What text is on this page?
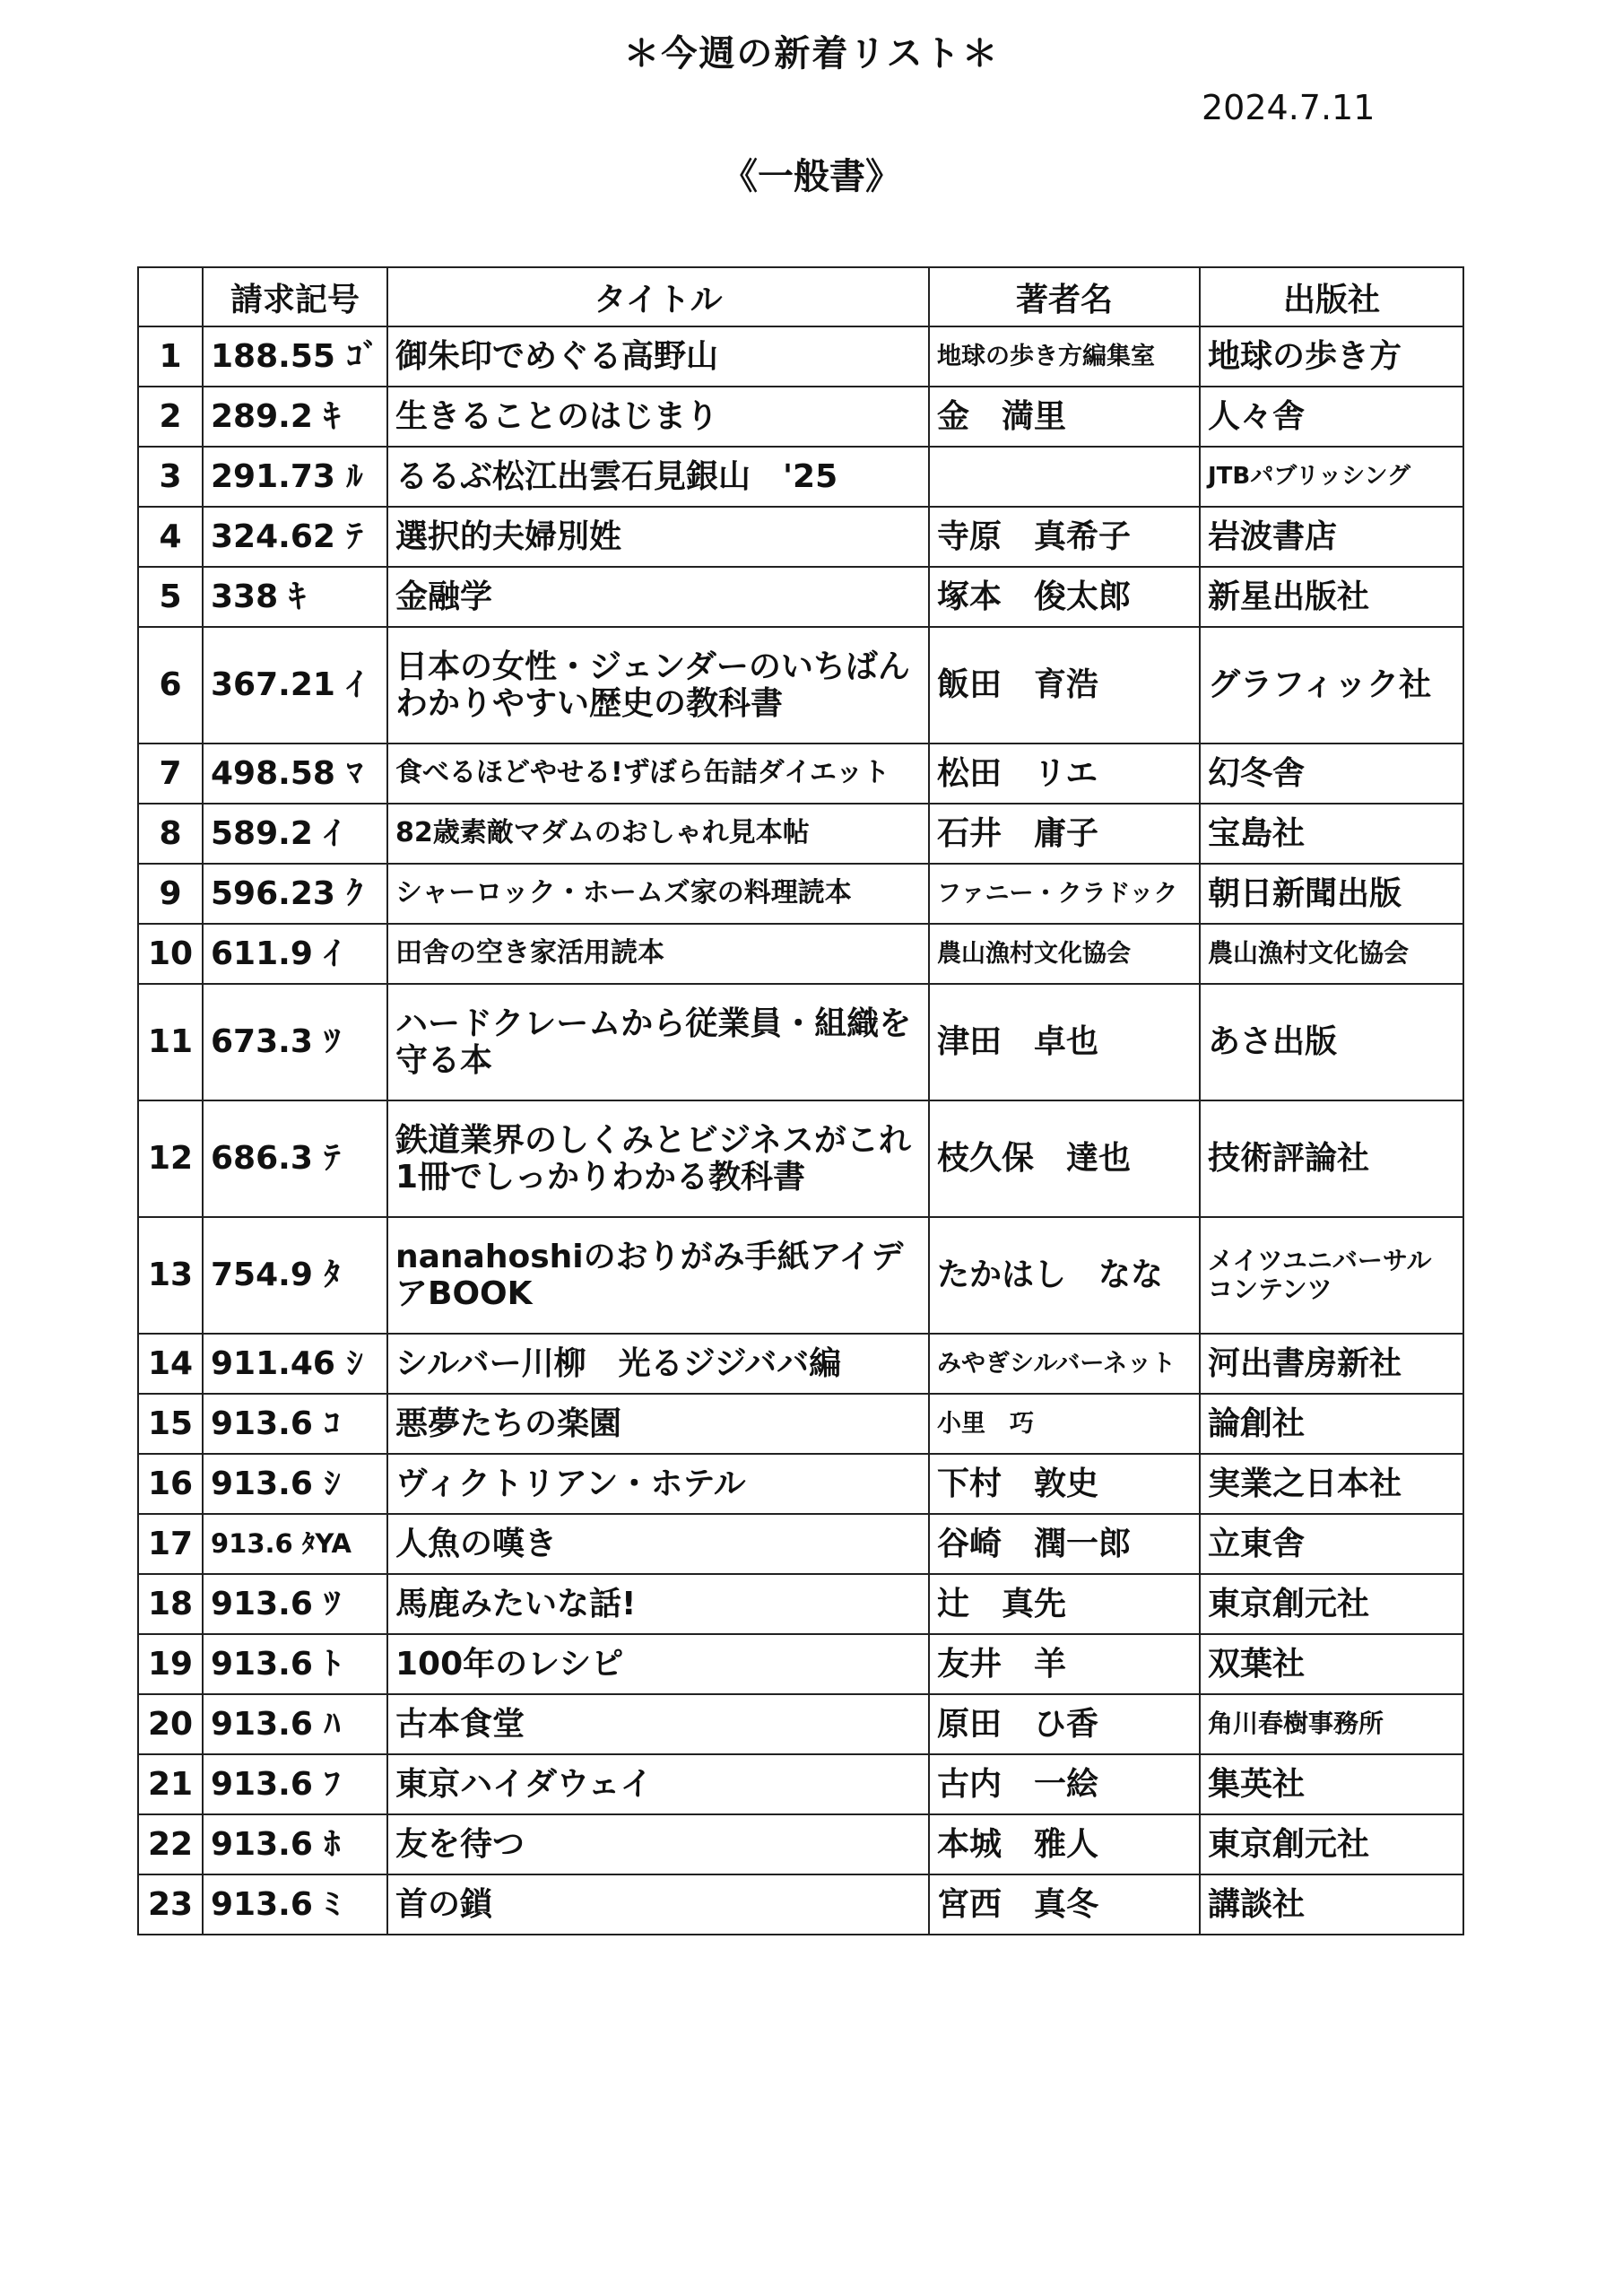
＊今週の新着リスト＊
2024.7.11
《一般書》
	請求記号	タイトル	著者名	出版社
1	188.55 ｺﾞ	御朱印でめぐる高野山	地球の歩き方編集室	地球の歩き方
2	289.2 ｷ	生きることのはじまり	金　満里	人々舎
3	291.73 ﾙ	るるぶ松江出雲石見銀山　'25		JTBパブリッシング
4	324.62 ﾃ	選択的夫婦別姓	寺原　真希子	岩波書店
5	338 ｷ	金融学	塚本　俊太郎	新星出版社
6	367.21 ｲ	日本の女性・ジェンダーのいちばんわかりやすい歴史の教科書	飯田　育浩	グラフィック社
7	498.58 ﾏ	食べるほどやせる!ずぼら缶詰ダイエット	松田　リエ	幻冬舎
8	589.2 ｲ	82歳素敵マダムのおしゃれ見本帖	石井　庸子	宝島社
9	596.23 ｸ	シャーロック・ホームズ家の料理読本	ファニー・クラドック	朝日新聞出版
10	611.9 ｲ	田舎の空き家活用読本	農山漁村文化協会	農山漁村文化協会
11	673.3 ﾂ	ハードクレームから従業員・組織を守る本	津田　卓也	あさ出版
12	686.3 ﾃ	鉄道業界のしくみとビジネスがこれ1冊でしっかりわかる教科書	枝久保　達也	技術評論社
13	754.9 ﾀ	nanahoshiのおりがみ手紙アイデアBOOK	たかはし　なな	メイツユニバーサルコンテンツ
14	911.46 ｼ	シルバー川柳　光るジジババ編	みやぎシルバーネット	河出書房新社
15	913.6 ｺ	悪夢たちの楽園	小里　巧	論創社
16	913.6 ｼ	ヴィクトリアン・ホテル	下村　敦史	実業之日本社
17	913.6 ﾀYA	人魚の嘆き	谷崎　潤一郎	立東舎
18	913.6 ﾂ	馬鹿みたいな話!	辻　真先	東京創元社
19	913.6 ﾄ	100年のレシピ	友井　羊	双葉社
20	913.6 ﾊ	古本食堂	原田　ひ香	角川春樹事務所
21	913.6 ﾌ	東京ハイダウェイ	古内　一絵	集英社
22	913.6 ﾎ	友を待つ	本城　雅人	東京創元社
23	913.6 ﾐ	首の鎖	宮西　真冬	講談社
